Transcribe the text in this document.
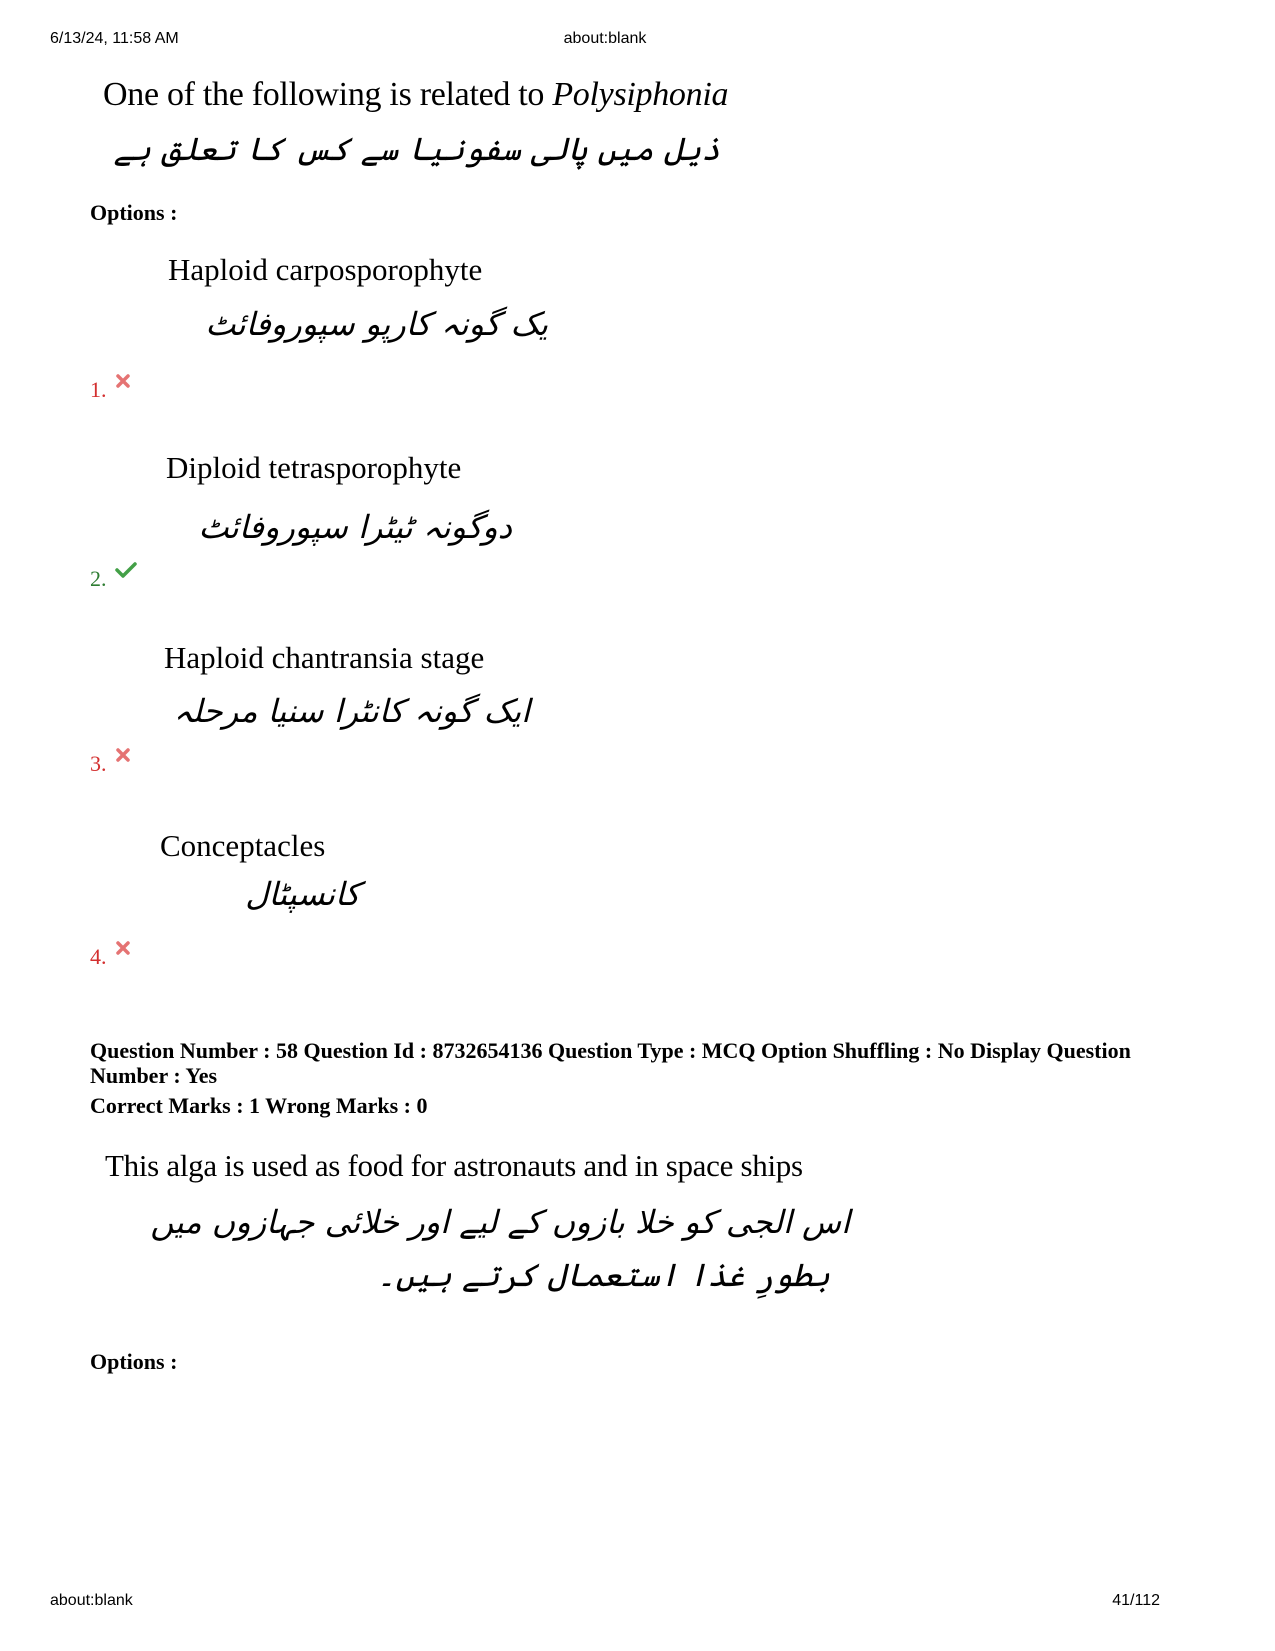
6/13/24, 11:58 AM	about:blank
One of the following is related to Polysiphonia
ذیل میں پالی سفونیا سے کس کا تعلق ہے
Options :
Haploid carposporophyte
یک گونہ کارپو سپوروفائٹ
1.
Diploid tetrasporophyte
دوگونہ ٹیٹرا سپوروفائٹ
2.
Haploid chantransia stage
ایک گونہ کانٹرا سنیا مرحلہ
3.
Conceptacles
کانسپٹال
4.
Question Number : 58 Question Id : 8732654136 Question Type : MCQ Option Shuffling : No Display Question
Number : Yes
Correct Marks : 1 Wrong Marks : 0
This alga is used as food for astronauts and in space ships
اس الجی کو خلا بازوں کے لیے اور خلائی جہازوں میں
بطورِ غذا استعمال کرتے ہیں۔
Options :
about:blank	41/112
